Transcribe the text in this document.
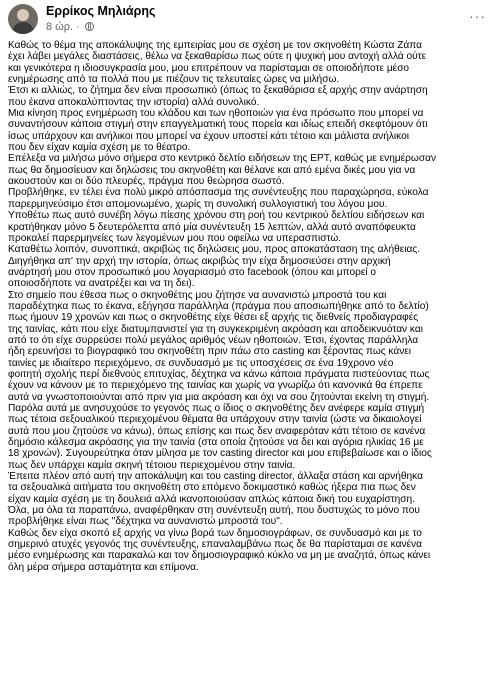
Ερρίκος Μηλιάρης
8 ώρ. ·
···
Καθώς το θέμα της αποκάλυψης της εμπειρίας μου σε σχέση με τον σκηνοθέτη Κώστα Ζάπα
έχει λάβει μεγάλες διαστάσεις, θέλω να ξεκαθαρίσω πως ούτε η ψυχική μου αντοχή αλλά ούτε
και γενικότερα η ιδιοσυγκρασία μου, μου επιτρέπουν να παρίσταμαι σε οποιοδήποτε μέσο
ενημέρωσης από τα πολλά που με πιέζουν τις τελευταίες ώρες να μιλήσω.
Έτσι κι αλλιώς, το ζήτημα δεν είναι προσωπικό (όπως το ξεκαθάρισα εξ αρχής στην ανάρτηση
που έκανα αποκαλύπτοντας την ιστορία) αλλά συνολικό.
Μια κίνηση προς ενημέρωση του κλάδου και των ηθοποιών για ένα πρόσωπο που μπορεί να
συναντήσουν κάποια στιγμή στην επαγγελματική τους πορεία και ιδίως επειδή σκεφτόμουν ότι
ίσως υπάρχουν και ανήλικοι που μπορεί να έχουν υποστεί κάτι τέτοιο και μάλιστα ανήλικοι
που δεν είχαν καμία σχέση με το θέατρο.
Επέλεξα να μιλήσω μόνο σήμερα στο κεντρικό δελτίο ειδήσεων της ΕΡΤ, καθώς με ενημέρωσαν
πως θα δημοσίευαν και δηλώσεις του σκηνοθέτη και θέλανε και από εμένα δικές μου για να
ακουστούν και οι δύο πλευρές, πράγμα που θεώρησα σωστό.
Προβλήθηκε, εν τέλει ένα πολύ μικρό απόσπασμα της συνέντευξης που παραχώρησα, εύκολα
παρερμηνεύσιμο έτσι απομονωμένο, χωρίς τη συνολική συλλογιστική του λόγου μου.
Υποθέτω πως αυτό συνέβη λόγω πίεσης χρόνου στη ροή του κεντρικού δελτίου ειδήσεων και
κρατήθηκαν μόνο 5 δευτερόλεπτα από μία συνέντευξη 15 λεπτών, αλλά αυτό αναπόφευκτα
προκαλεί παρερμηνείες των λεγομένων μου που οφείλω να υπερασπιστώ.
Καταθέτω λοιπόν, συνοπτικά, ακριβώς τις δηλώσεις μου, προς αποκατάσταση της αλήθειας.
Διηγήθηκα απ' την αρχή την ιστορία, όπως ακριβώς την είχα δημοσιεύσει στην αρχική
ανάρτησή μου στον προσωπικό μου λογαριασμό στο facebook (όπου και μπορεί ο
οποιοσδήποτε να ανατρέξει και να τη δει).
Στο σημείο που έθεσα πως ο σκηνοθέτης μου ζήτησε να αυνανιστώ μπροστά του και
παραδέχτηκα πως το έκανα, εξήγησα παράλληλα (πράγμα που αποσιωπήθηκε από το δελτίο)
πως ήμουν 19 χρονών και πως ο σκηνοθέτης είχε θέσει εξ αρχής τις διεθνείς προδιαγραφές
της ταινίας, κάτι που είχε διατυμπανιστεί για τη συγκεκριμένη ακρόαση και αποδεικνυόταν και
από το ότι είχε συρρεύσει πολύ μεγάλος αριθμός νέων ηθοποιών. Έτσι, έχοντας παράλληλα
ήδη ερευνήσει το βιογραφικό του σκηνοθέτη πριν πάω στο casting και ξέροντας πως κάνει
ταινίες με ιδιαίτερο περιεχόμενο, σε συνδυασμό με τις υποσχέσεις σε ένα 19χρονο νέο
φοιτητή σχολής περί διεθνούς επιτυχίας, δέχτηκα να κάνω κάποια πράγματα πιστεύοντας πως
έχουν να κάνουν με το περιεχόμενο της ταινίας και χωρίς να γνωρίζω ότι κανονικά θα έπρεπε
αυτά να γνωστοποιούνται από πριν για μια ακρόαση και όχι να σου ζητούνται εκείνη τη στιγμή.
Παρόλα αυτά με ανησυχούσε το γεγονός πως ο ίδιος ο σκηνοθέτης δεν ανέφερε καμία στιγμή
πως τέτοια σεξουαλικού περιεχομένου θέματα θα υπάρχουν στην ταινία (ώστε να δικαιολογεί
αυτά που μου ζητούσε να κάνω), όπως επίσης και πως δεν αναφερόταν κάτι τέτοιο σε κανένα
δημόσιο κάλεσμα ακρόασης για την ταινία (στα οποία ζητούσε να δει και αγόρια ηλικίας 16 με
18 χρονών). Συγουρεύτηκα όταν μίλησα με τον casting director και μου επιβεβαίωσε και ο ίδιος
πως δεν υπάρχει καμία σκηνή τέτοιου περιεχομένου στην ταινία.
Έπειτα πλέον από αυτή την αποκάλυψη και του casting director, άλλαξα στάση και αρνήθηκα
τα σεξουαλικά αιτήματα του σκηνοθέτη στο επόμενο δοκιμαστικό καθώς ήξερα πια πως δεν
είχαν καμία σχέση με τη δουλειά αλλά ικανοποιούσαν απλώς κάποια δική του ευχαρίστηση.
Όλα, μα όλα τα παραπάνω, αναφέρθηκαν στη συνέντευξη αυτή, που δυστυχώς το μόνο που
προβλήθηκε είναι πως "δέχτηκα να αυνανιστώ μπροστά του".
Καθώς δεν είχα σκοπό εξ αρχής να γίνω βορά των δημοσιογράφων, σε συνδυασμό και με το
σημερινό ατυχές γεγονός της συνέντευξης, επαναλαμβάνω πως δε θα παρίσταμαι σε κανένα
μέσο ενημέρωσης και παρακαλώ και τον δημοσιογραφικό κύκλο να μη με αναζητά, όπως κάνει
όλη μέρα σήμερα ασταμάτητα και επίμονα.
